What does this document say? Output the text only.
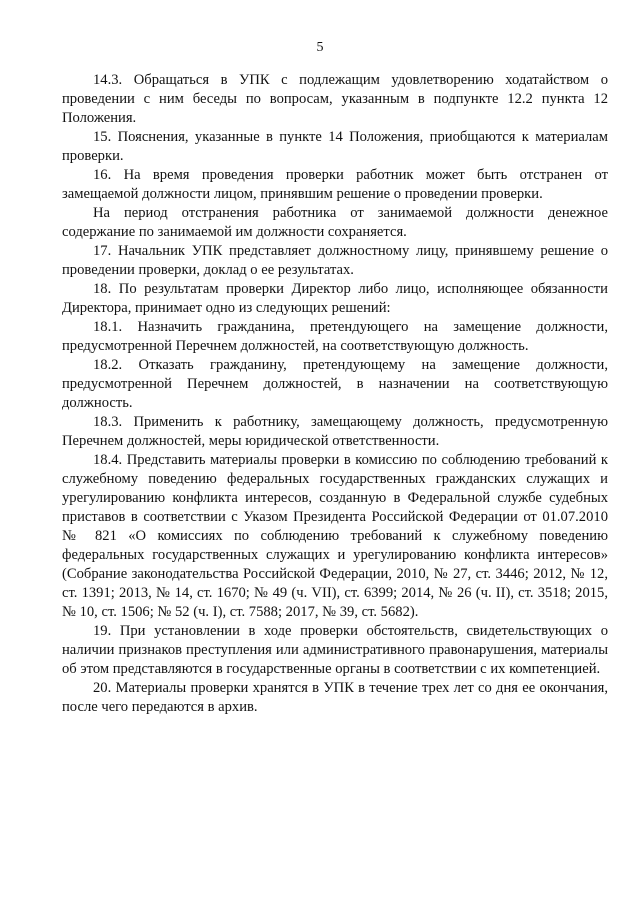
5

14.3. Обращаться в УПК с подлежащим удовлетворению ходатайством о проведении с ним беседы по вопросам, указанным в подпункте 12.2 пункта 12 Положения.

15. Пояснения, указанные в пункте 14 Положения, приобщаются к материалам проверки.

16. На время проведения проверки работник может быть отстранен от замещаемой должности лицом, принявшим решение о проведении проверки.

На период отстранения работника от занимаемой должности денежное содержание по занимаемой им должности сохраняется.

17. Начальник УПК представляет должностному лицу, принявшему решение о проведении проверки, доклад о ее результатах.

18. По результатам проверки Директор либо лицо, исполняющее обязанности Директора, принимает одно из следующих решений:

18.1. Назначить гражданина, претендующего на замещение должности, предусмотренной Перечнем должностей, на соответствующую должность.

18.2. Отказать гражданину, претендующему на замещение должности, предусмотренной Перечнем должностей, в назначении на соответствующую должность.

18.3. Применить к работнику, замещающему должность, предусмотренную Перечнем должностей, меры юридической ответственности.

18.4. Представить материалы проверки в комиссию по соблюдению требований к служебному поведению федеральных государственных гражданских служащих и урегулированию конфликта интересов, созданную в Федеральной службе судебных приставов в соответствии с Указом Президента Российской Федерации от 01.07.2010 № 821 «О комиссиях по соблюдению требований к служебному поведению федеральных государственных служащих и урегулированию конфликта интересов» (Собрание законодательства Российской Федерации, 2010, № 27, ст. 3446; 2012, № 12, ст. 1391; 2013, № 14, ст. 1670; № 49 (ч. VII), ст. 6399; 2014, № 26 (ч. II), ст. 3518; 2015, № 10, ст. 1506; № 52 (ч. I), ст. 7588; 2017, № 39, ст. 5682).

19. При установлении в ходе проверки обстоятельств, свидетельствующих о наличии признаков преступления или административного правонарушения, материалы об этом представляются в государственные органы в соответствии с их компетенцией.

20. Материалы проверки хранятся в УПК в течение трех лет со дня ее окончания, после чего передаются в архив.
